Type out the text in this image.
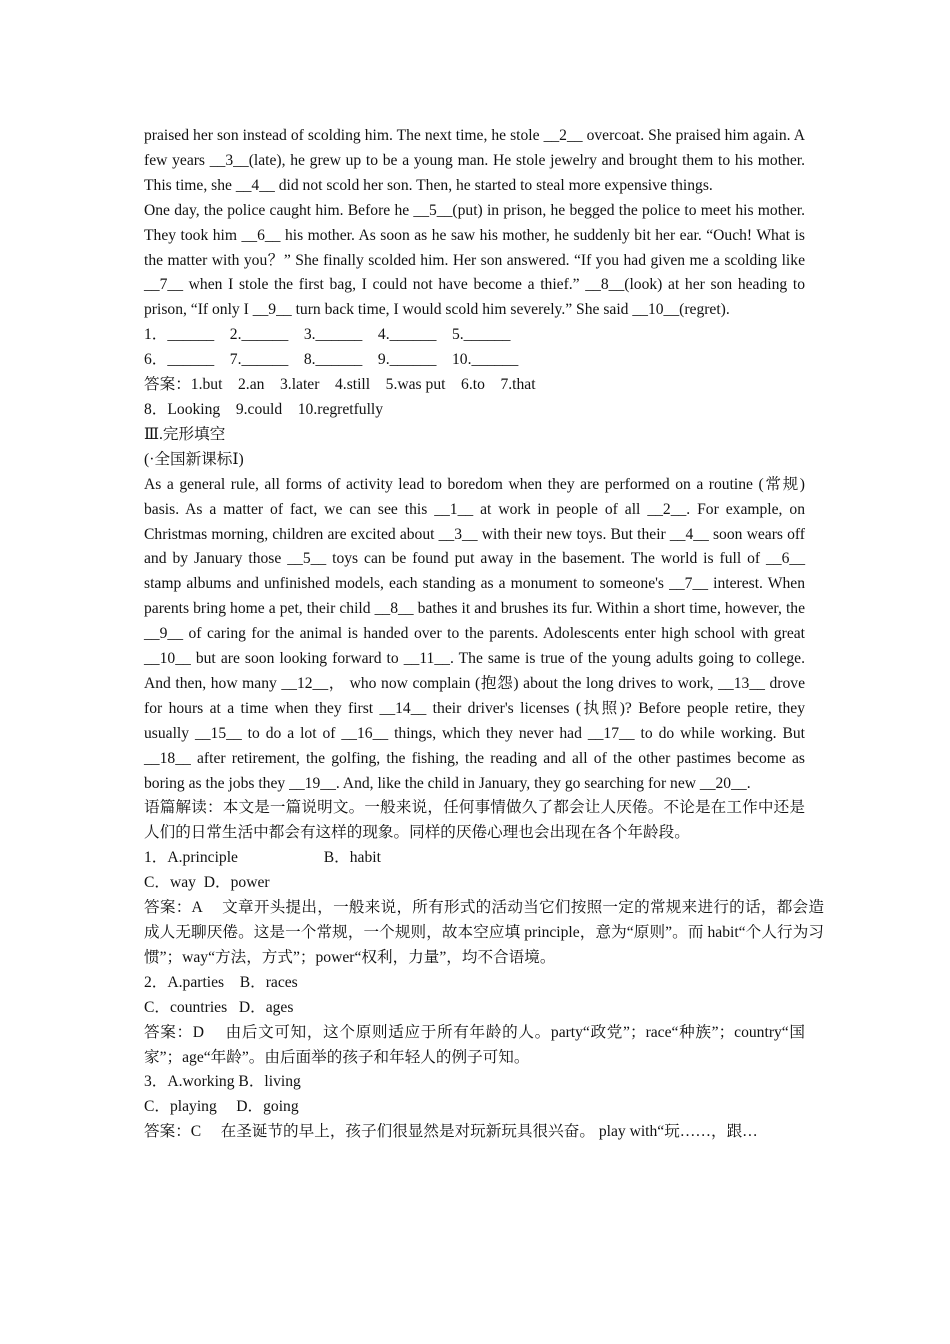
praised her son instead of scolding him. The next time, he stole __2__ overcoat. She praised him again. A few years __3__(late), he grew up to be a young man. He stole jewelry and brought them to his mother. This time, she __4__ did not scold her son. Then, he started to steal more expensive things.

One day, the police caught him. Before he __5__(put) in prison, he begged the police to meet his mother. They took him __6__ his mother. As soon as he saw his mother, he suddenly bit her ear. “Ouch! What is the matter with you？” She finally scolded him. Her son answered. “If you had given me a scolding like __7__ when I stole the first bag, I could not have become a thief.” __8__(look) at her son heading to prison, “If only I __9__ turn back time, I would scold him severely.” She said __10__(regret).

1．______    2.______    3.______    4.______    5.______

6．______    7.______    8.______    9.______    10.______

答案：1.but    2.an    3.later    4.still    5.was put    6.to    7.that

8．Looking    9.could    10.regretfully

Ⅲ.完形填空

(·全国新课标Ⅰ)

As a general rule, all forms of activity lead to boredom when they are performed on a routine (常规) basis. As a matter of fact, we can see this __1__ at work in people of all __2__. For example, on Christmas morning, children are excited about __3__ with their new toys. But their __4__ soon wears off and by January those __5__ toys can be found put away in the basement. The world is full of __6__ stamp albums and unfinished models, each standing as a monument to someone's __7__ interest. When parents bring home a pet, their child __8__ bathes it and brushes its fur. Within a short time, however, the __9__ of caring for the animal is handed over to the parents. Adolescents enter high school with great __10__ but are soon looking forward to __11__. The same is true of the young adults going to college. And then, how many __12__， who now complain (抱怨) about the long drives to work, __13__ drove for hours at a time when they first __14__ their driver's licenses (执照)? Before people retire, they usually __15__ to do a lot of __16__ things, which they never had __17__ to do while working. But __18__ after retirement, the golfing, the fishing, the reading and all of the other pastimes become as boring as the jobs they __19__. And, like the child in January, they go searching for new __20__.

语篇解读：本文是一篇说明文。一般来说，任何事情做久了都会让人厌倦。不论是在工作中还是人们的日常生活中都会有这样的现象。同样的厌倦心理也会出现在各个年龄段。

1．A.principle                      B．habit

C．way  D．power

答案：A　 文章开头提出，一般来说，所有形式的活动当它们按照一定的常规来进行的话，都会造成人无聊厌倦。这是一个常规，一个规则，故本空应填 principle，意为“原则”。而 habit“个人行为习惯”；way“方法，方式”；power“权利，力量”，均不合语境。

2．A.parties    B．races

C．countries   D．ages

答案：D　 由后文可知，这个原则适应于所有年龄的人。party“政党”；race“种族”；country“国家”；age“年龄”。由后面举的孩子和年轻人的例子可知。

3．A.working B．living

C．playing     D．going

答案：C　 在圣诞节的早上，孩子们很显然是对玩新玩具很兴奋。 play with“玩……，跟…
